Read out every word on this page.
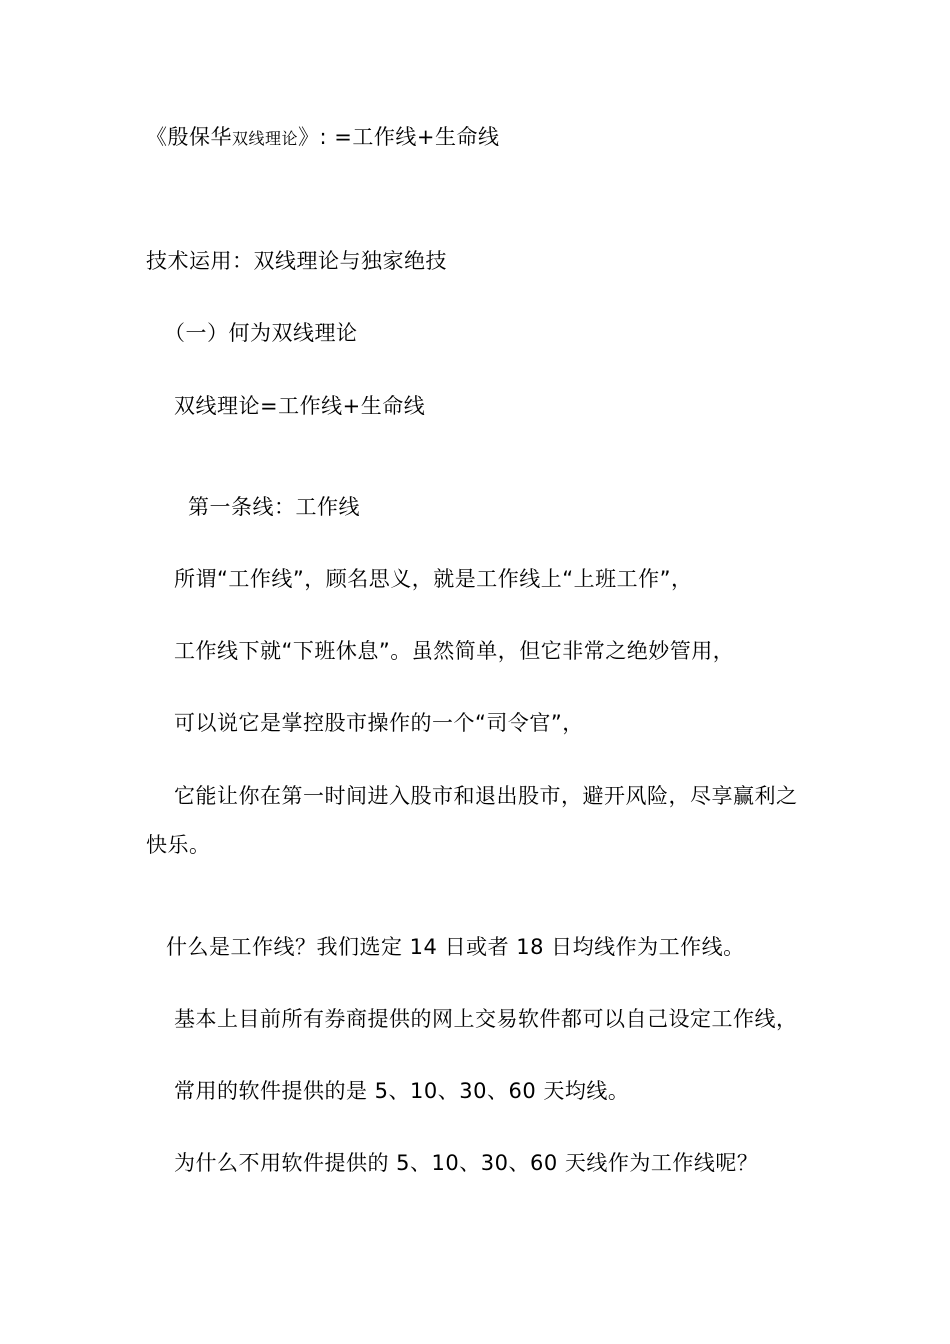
《殷保华双线理论》: =工作线+生命线
技术运用：双线理论与独家绝技
（一）何为双线理论
双线理论=工作线+生命线
第一条线：工作线
所谓“工作线”，顾名思义，就是工作线上“上班工作”，
工作线下就“下班休息”。虽然简单，但它非常之绝妙管用，
可以说它是掌控股市操作的一个“司令官”，
它能让你在第一时间进入股市和退出股市，避开风险，尽享赢利之
快乐。
什么是工作线？我们选定 14 日或者 18 日均线作为工作线。
基本上目前所有券商提供的网上交易软件都可以自己设定工作线，
常用的软件提供的是 5、10、30、60 天均线。
为什么不用软件提供的 5、10、30、60 天线作为工作线呢？
